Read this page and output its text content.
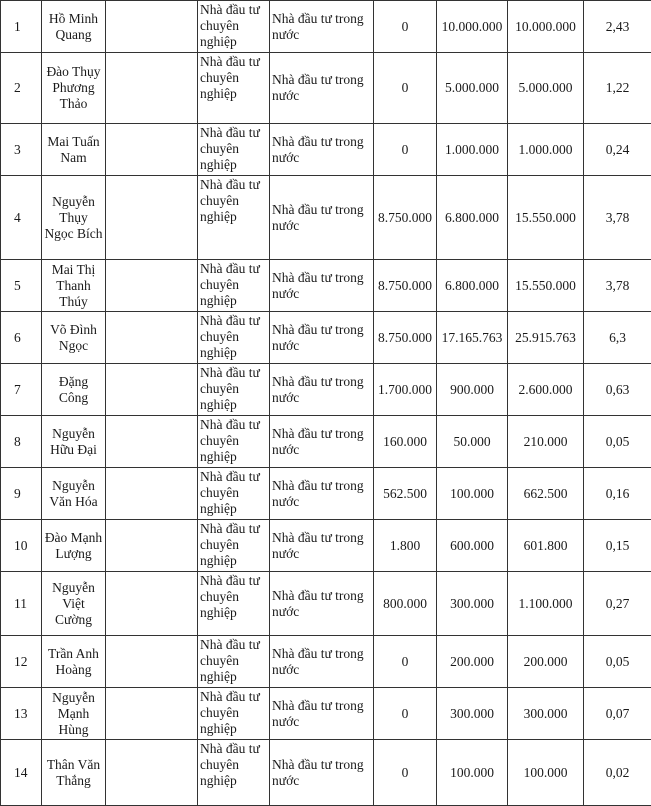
1	Hồ Minh Quang		Nhà đầu tư chuyên nghiệp	Nhà đầu tư trong nước	0	10.000.000	10.000.000	2,43
2	Đào Thụy Phương Thảo		Nhà đầu tư chuyên nghiệp	Nhà đầu tư trong nước	0	5.000.000	5.000.000	1,22
3	Mai Tuấn Nam		Nhà đầu tư chuyên nghiệp	Nhà đầu tư trong nước	0	1.000.000	1.000.000	0,24
4	Nguyễn Thụy Ngọc Bích		Nhà đầu tư chuyên nghiệp	Nhà đầu tư trong nước	8.750.000	6.800.000	15.550.000	3,78
5	Mai Thị Thanh Thúy		Nhà đầu tư chuyên nghiệp	Nhà đầu tư trong nước	8.750.000	6.800.000	15.550.000	3,78
6	Võ Đình Ngọc		Nhà đầu tư chuyên nghiệp	Nhà đầu tư trong nước	8.750.000	17.165.763	25.915.763	6,3
7	Đặng Công		Nhà đầu tư chuyên nghiệp	Nhà đầu tư trong nước	1.700.000	900.000	2.600.000	0,63
8	Nguyễn Hữu Đại		Nhà đầu tư chuyên nghiệp	Nhà đầu tư trong nước	160.000	50.000	210.000	0,05
9	Nguyễn Văn Hóa		Nhà đầu tư chuyên nghiệp	Nhà đầu tư trong nước	562.500	100.000	662.500	0,16
10	Đào Mạnh Lượng		Nhà đầu tư chuyên nghiệp	Nhà đầu tư trong nước	1.800	600.000	601.800	0,15
11	Nguyễn Việt Cường		Nhà đầu tư chuyên nghiệp	Nhà đầu tư trong nước	800.000	300.000	1.100.000	0,27
12	Trần Anh Hoàng		Nhà đầu tư chuyên nghiệp	Nhà đầu tư trong nước	0	200.000	200.000	0,05
13	Nguyễn Mạnh Hùng		Nhà đầu tư chuyên nghiệp	Nhà đầu tư trong nước	0	300.000	300.000	0,07
14	Thân Văn Thắng		Nhà đầu tư chuyên nghiệp	Nhà đầu tư trong nước	0	100.000	100.000	0,02
